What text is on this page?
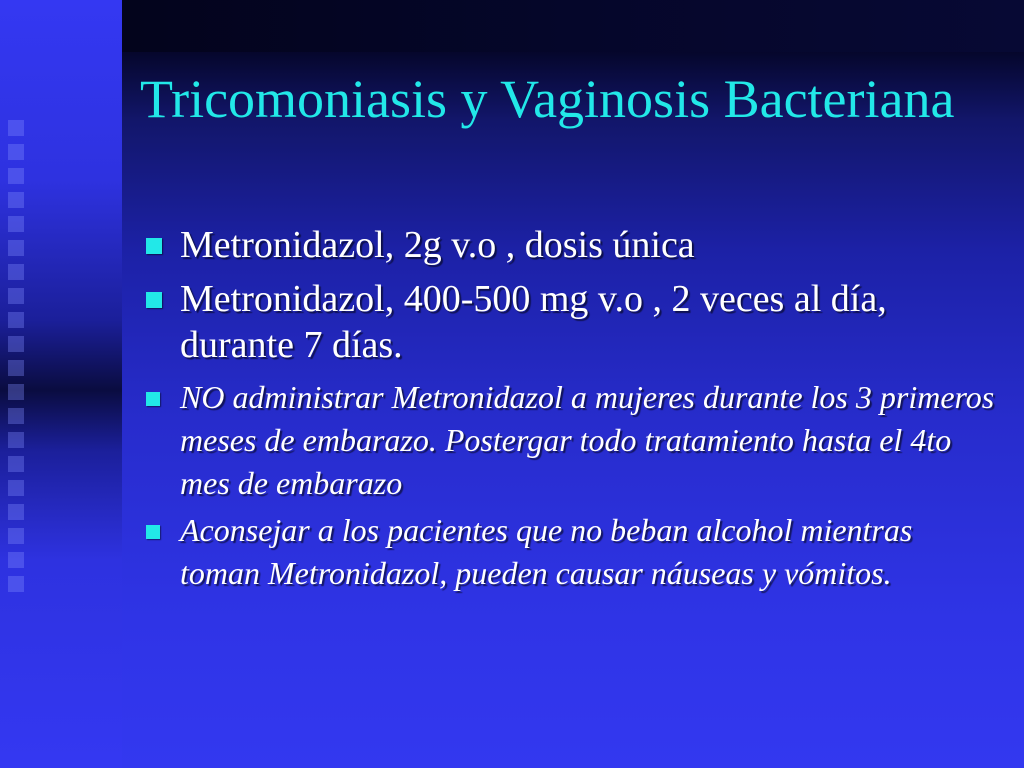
Tricomoniasis y Vaginosis Bacteriana
Metronidazol, 2g v.o , dosis única
Metronidazol, 400-500 mg v.o , 2 veces al día, durante 7 días.
NO administrar Metronidazol a mujeres durante los 3 primeros meses de embarazo. Postergar todo tratamiento hasta el 4to mes de embarazo
Aconsejar a los pacientes que no beban alcohol mientras toman Metronidazol, pueden causar náuseas y vómitos.
